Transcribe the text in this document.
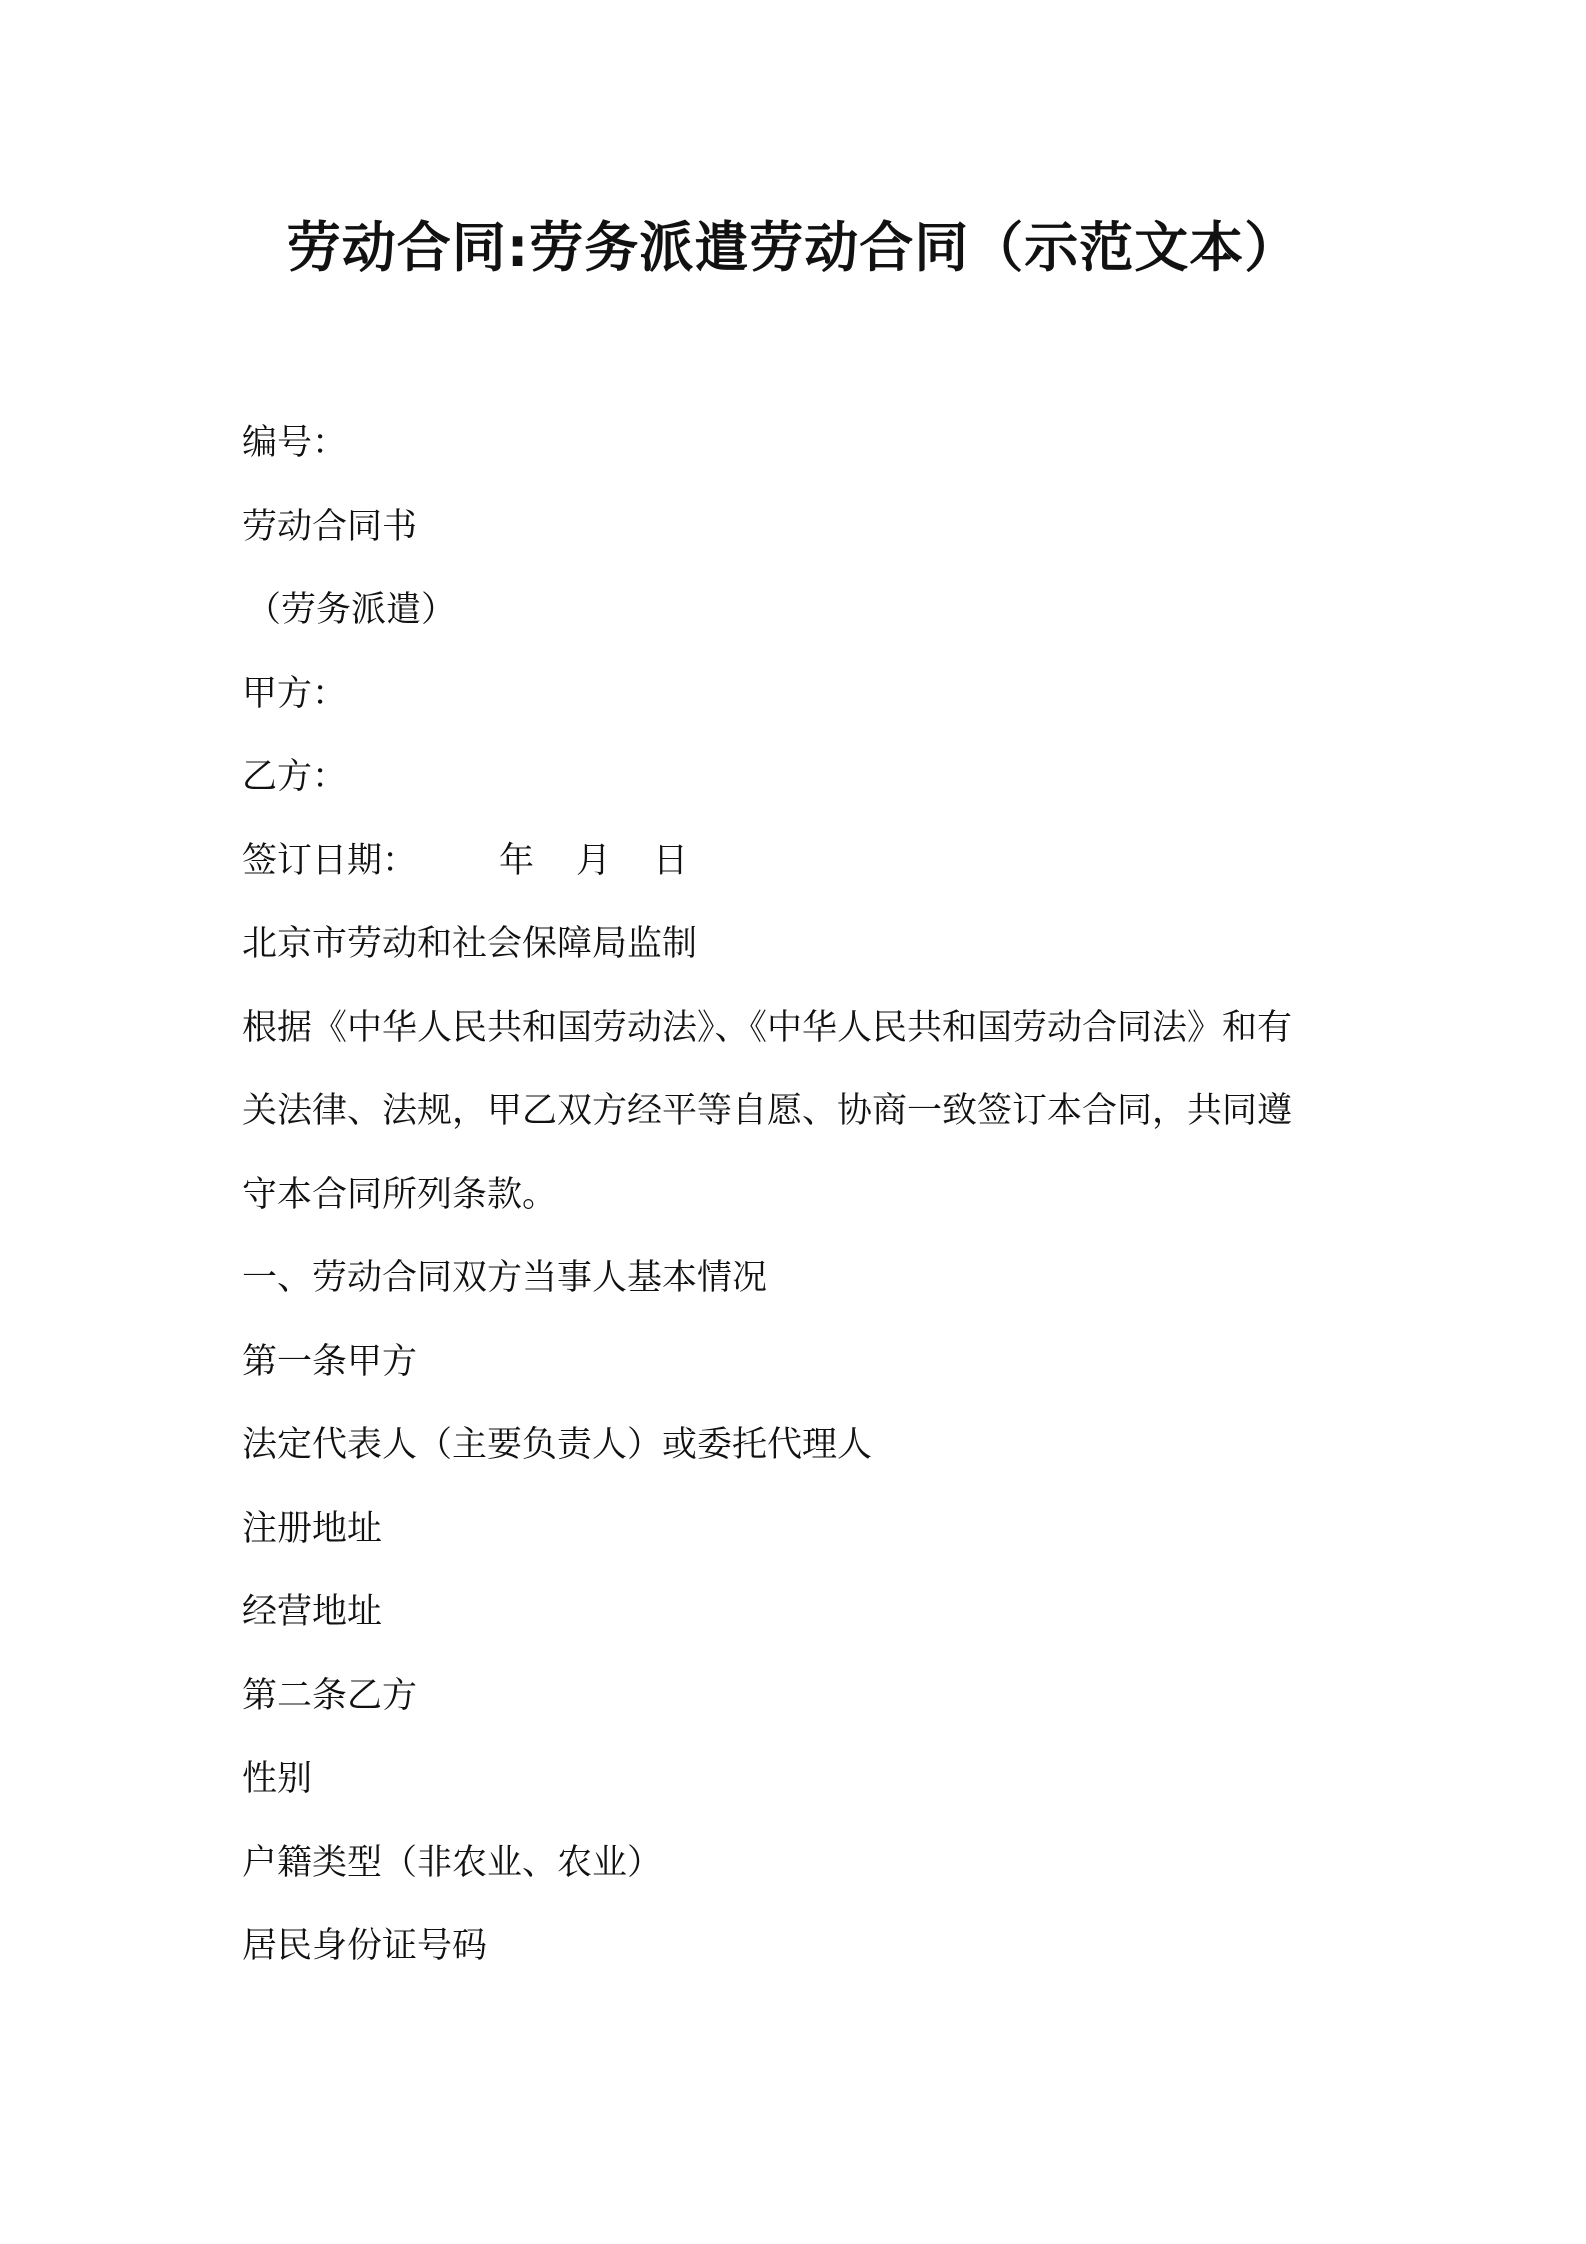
劳动合同:劳务派遣劳动合同（示范文本）
编号：
劳动合同书
（劳务派遣）
甲方：
乙方：
签订日期： 年 月 日
北京市劳动和社会保障局监制
根据《中华人民共和国劳动法》、《中华人民共和国劳动合同法》和有
关法律、法规，甲乙双方经平等自愿、协商一致签订本合同，共同遵
守本合同所列条款。
一、劳动合同双方当事人基本情况
第一条甲方
法定代表人（主要负责人）或委托代理人
注册地址
经营地址
第二条乙方
性别
户籍类型（非农业、农业）
居民身份证号码
